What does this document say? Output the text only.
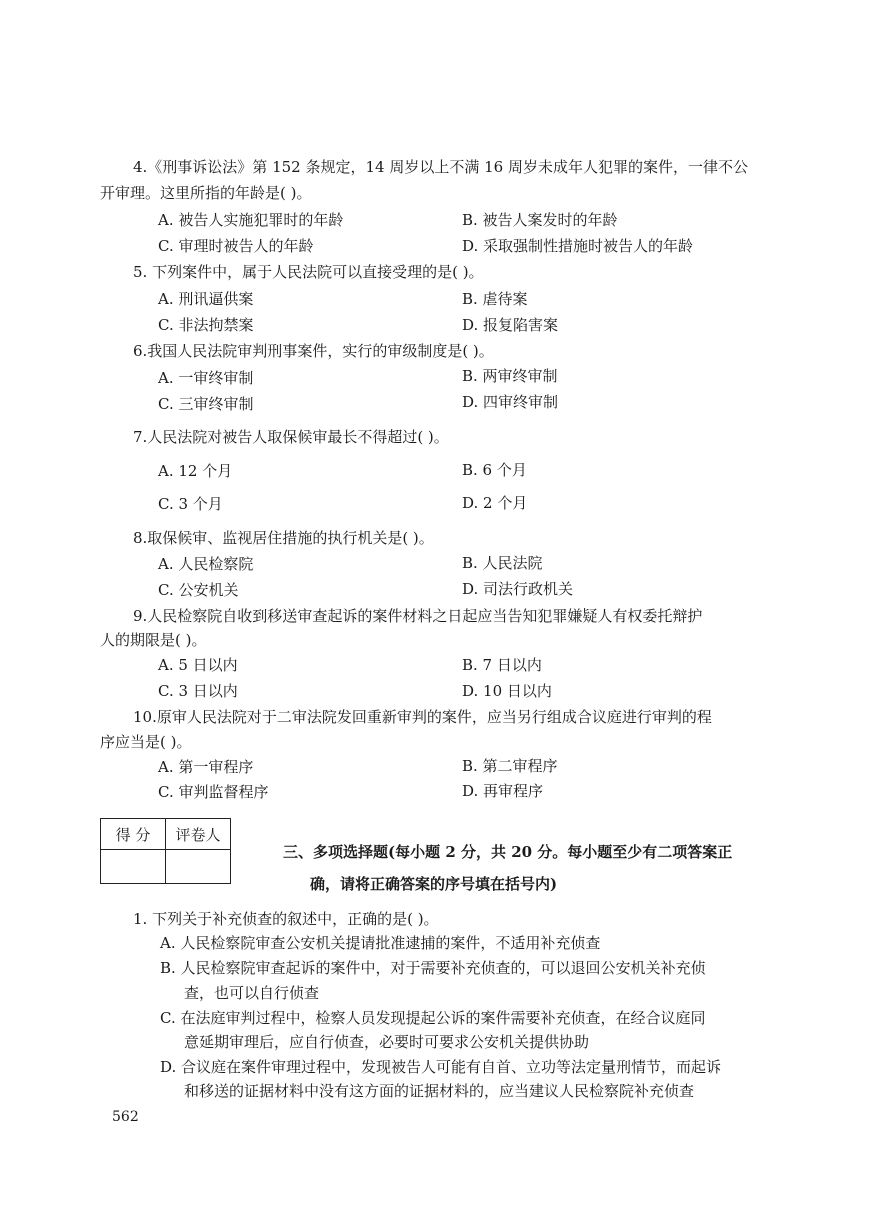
4.《刑事诉讼法》第 152 条规定，14 周岁以上不满 16 周岁未成年人犯罪的案件，一律不公
开审理。这里所指的年龄是( )。
A. 被告人实施犯罪时的年龄	B. 被告人案发时的年龄
C. 审理时被告人的年龄	D. 采取强制性措施时被告人的年龄
5. 下列案件中，属于人民法院可以直接受理的是( )。
A. 刑讯逼供案	B. 虐待案
C. 非法拘禁案	D. 报复陷害案
6.我国人民法院审判刑事案件，实行的审级制度是( )。
A. 一审终审制	B. 两审终审制
C. 三审终审制	D. 四审终审制
7.人民法院对被告人取保候审最长不得超过( )。
A. 12 个月	B. 6 个月
C. 3 个月	D. 2 个月
8.取保候审、监视居住措施的执行机关是( )。
A. 人民检察院	B. 人民法院
C. 公安机关	D. 司法行政机关
9.人民检察院自收到移送审查起诉的案件材料之日起应当告知犯罪嫌疑人有权委托辩护
人的期限是( )。
A. 5 日以内	B. 7 日以内
C. 3 日以内	D. 10 日以内
10.原审人民法院对于二审法院发回重新审判的案件，应当另行组成合议庭进行审判的程
序应当是( )。
A. 第一审程序	B. 第二审程序
C. 审判监督程序	D. 再审程序
得 分	评卷人

三、多项选择题(每小题 2 分，共 20 分。每小题至少有二项答案正
确，请将正确答案的序号填在括号内)
1. 下列关于补充侦查的叙述中，正确的是( )。
A. 人民检察院审查公安机关提请批准逮捕的案件，不适用补充侦查
B. 人民检察院审查起诉的案件中，对于需要补充侦查的，可以退回公安机关补充侦
查，也可以自行侦查
C. 在法庭审判过程中，检察人员发现提起公诉的案件需要补充侦查，在经合议庭同
意延期审理后，应自行侦查，必要时可要求公安机关提供协助
D. 合议庭在案件审理过程中，发现被告人可能有自首、立功等法定量刑情节，而起诉
和移送的证据材料中没有这方面的证据材料的，应当建议人民检察院补充侦查
562
